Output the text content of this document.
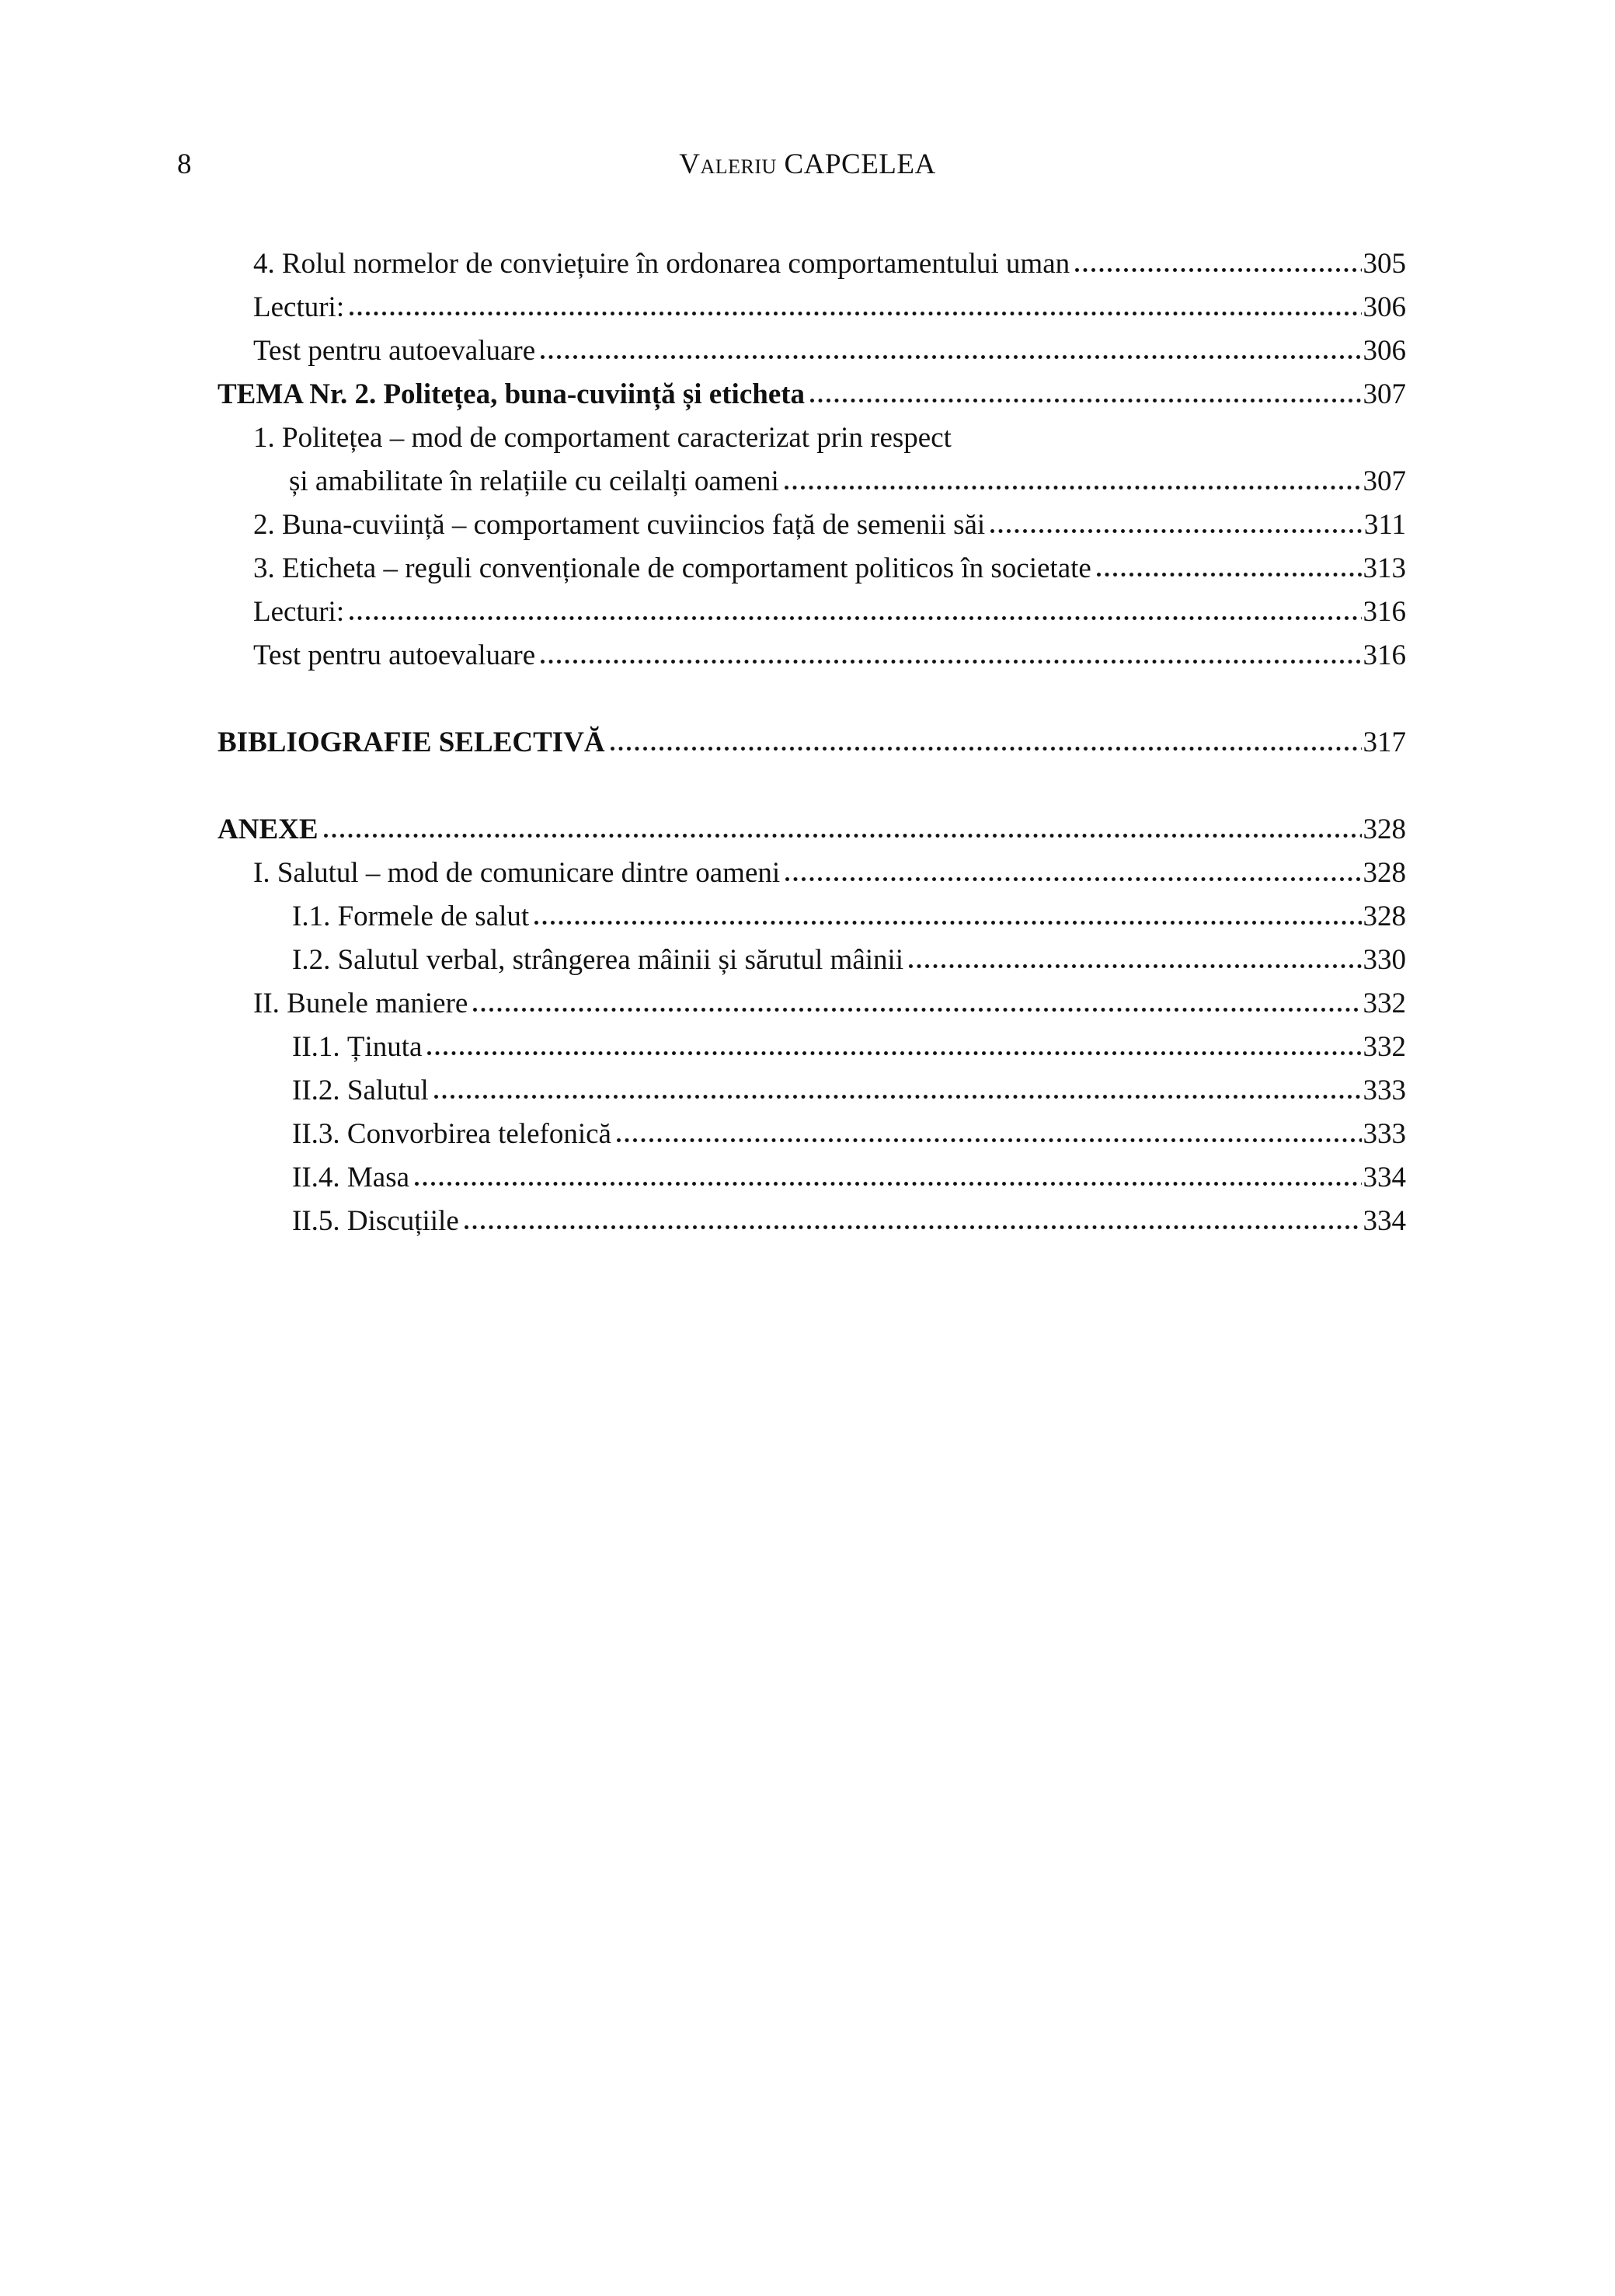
8	Valeriu CAPCELEA
4. Rolul normelor de conviețuire în ordonarea comportamentului uman	305
Lecturi:	306
Test pentru autoevaluare	306
TEMA Nr. 2. Politețea, buna-cuviință și eticheta	307
1. Politețea – mod de comportament caracterizat prin respect
și amabilitate în relațiile cu ceilalți oameni	307
2. Buna-cuviință – comportament cuviincios față de semenii săi	311
3. Eticheta – reguli convenționale de comportament politicos în societate	313
Lecturi:	316
Test pentru autoevaluare	316
BIBLIOGRAFIE SELECTIVĂ	317
ANEXE	328
I. Salutul – mod de comunicare dintre oameni	328
I.1. Formele de salut	328
I.2. Salutul verbal, strângerea mâinii și sărutul mâinii	330
II. Bunele maniere	332
II.1. Ținuta	332
II.2. Salutul	333
II.3. Convorbirea telefonică	333
II.4. Masa	334
II.5. Discuțiile	334
